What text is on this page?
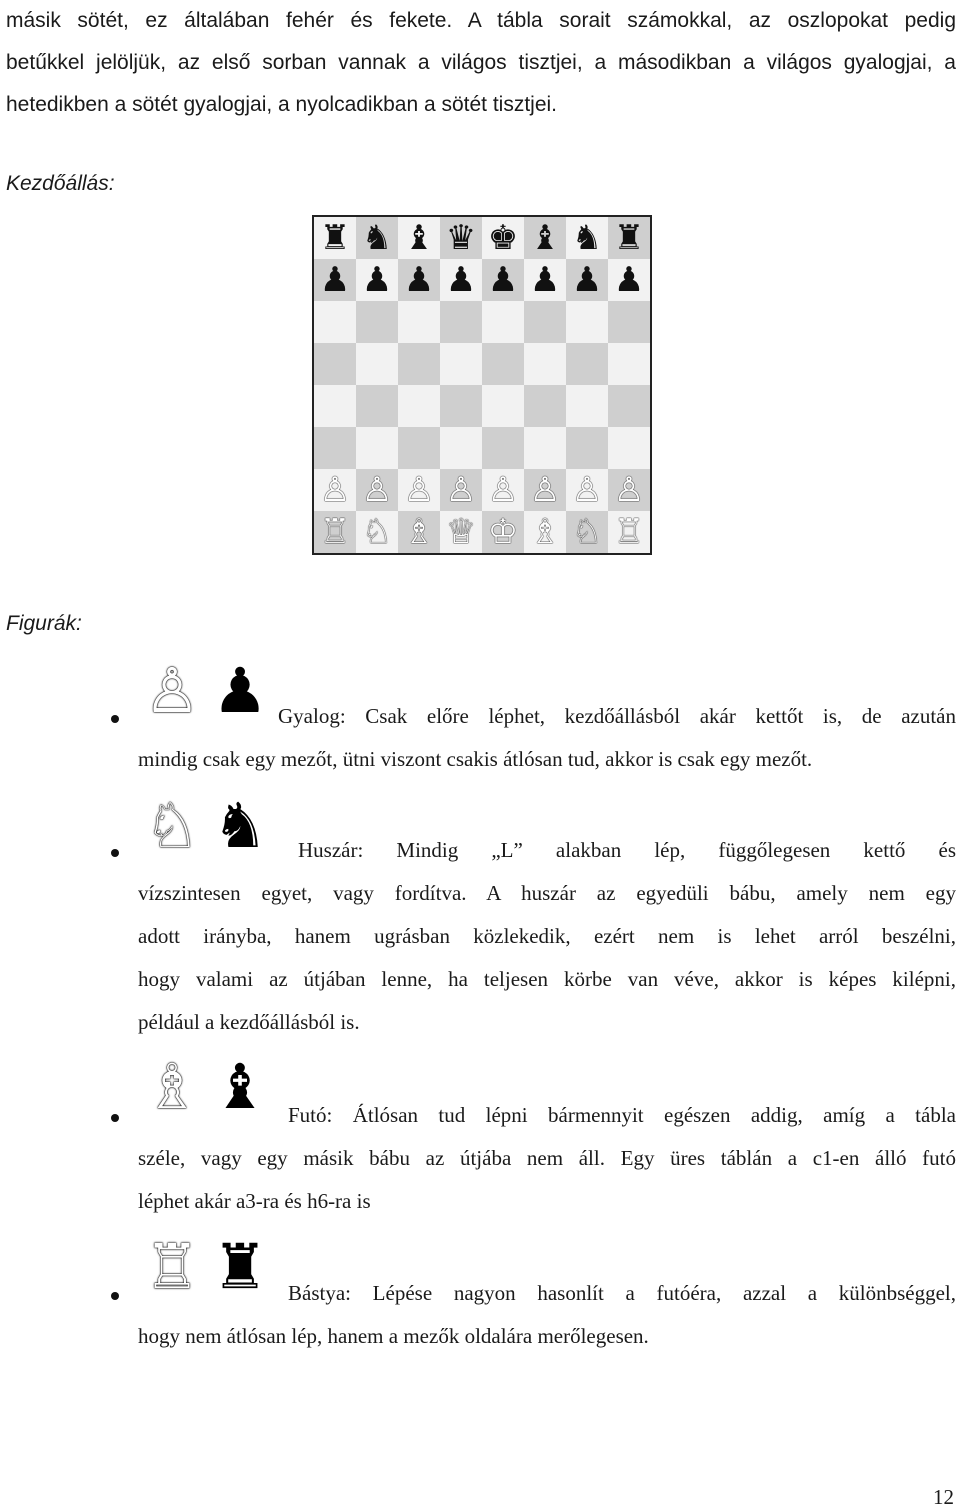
másik sötét, ez általában fehér és fekete. A tábla sorait számokkal, az oszlopokat pedig
betűkkel jelöljük, az első sorban vannak a világos tisztjei, a másodikban a világos gyalogjai, a
hetedikben a sötét gyalogjai, a nyolcadikban a sötét tisztjei.

Kezdőállás:

♜ ♞ ♝ ♛ ♚ ♝ ♞ ♜
♟ ♟ ♟ ♟ ♟ ♟ ♟ ♟
♙ ♙ ♙ ♙ ♙ ♙ ♙ ♙
♖ ♘ ♗ ♕ ♔ ♗ ♘ ♖

Figurák:

♙ ♟ Gyalog: Csak előre léphet, kezdőállásból akár kettőt is, de azután
mindig csak egy mezőt, ütni viszont csakis átlósan tud, akkor is csak egy mezőt.
♘ ♞ Huszár: Mindig „L” alakban lép, függőlegesen kettő és
vízszintesen egyet, vagy fordítva. A huszár az egyedüli bábu, amely nem egy
adott irányba, hanem ugrásban közlekedik, ezért nem is lehet arról beszélni,
hogy valami az útjában lenne, ha teljesen körbe van véve, akkor is képes kilépni,
például a kezdőállásból is.
♗ ♝ Futó: Átlósan tud lépni bármennyit egészen addig, amíg a tábla
széle, vagy egy másik bábu az útjába nem áll. Egy üres táblán a c1-en álló futó
léphet akár a3-ra és h6-ra is
♖ ♜ Bástya: Lépése nagyon hasonlít a futóéra, azzal a különbséggel,
hogy nem átlósan lép, hanem a mezők oldalára merőlegesen.
12
